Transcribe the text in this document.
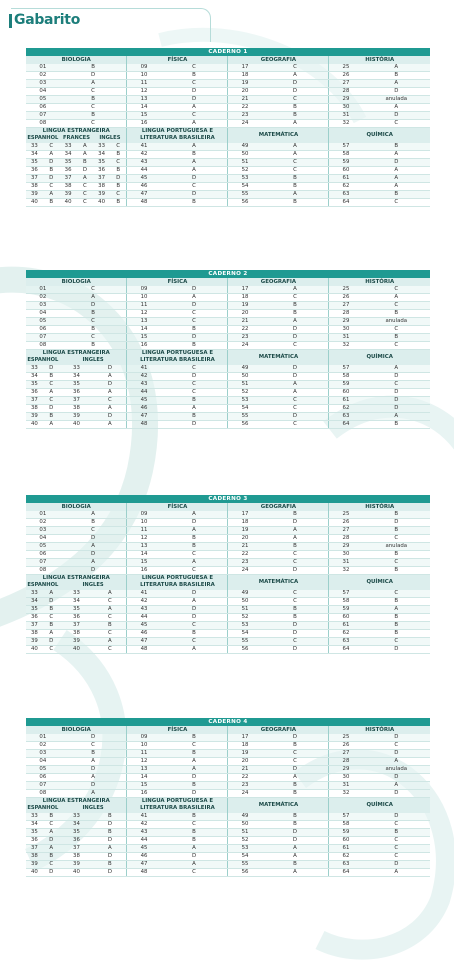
Gabarito
CADERNO 1								
BIOLOGIA			FÍSICA		GEOGRAFIA		HISTÓRIA	
01	B		09	C	17	C	25	A
02	D		10	B	18	A	26	B
03	A		11	C	19	D	27	A
04	C		12	D	20	D	28	D
05	B		13	D	21	C	29	anulada
06	C		14	A	22	B	30	A
07	B		15	C	23	B	31	D
08	C		16	A	24	A	32	C
LÍNGUA ESTRANGEIRA			LÍNGUA PORTUGUESA E
LITERATURA BRASILEIRA		MATEMÁTICA		QUÍMICA	
ESPANHOL	FRANCÊS	INGLÊS						
33 C	33 A	33 C	41	A	49	A	57	B
34 A	34 A	34 B	42	B	50	A	58	A
35 D	35 B	35 C	43	A	51	C	59	D
36 B	36 D	36 B	44	A	52	C	60	A
37 D	37 A	37 D	45	D	53	B	61	A
38 C	38 C	38 B	46	C	54	B	62	A
39 A	39 C	39 C	47	D	55	A	63	B
40 B	40 C	40 B	48	B	56	B	64	C
CADERNO 2								
BIOLOGIA			FÍSICA		GEOGRAFIA		HISTÓRIA	
01	C		09	D	17	A	25	C
02	A		10	A	18	C	26	A
03	D		11	D	19	B	27	C
04	B		12	C	20	B	28	B
05	C		13	C	21	A	29	anulada
06	B		14	B	22	D	30	C
07	C		15	D	23	D	31	B
08	B		16	B	24	C	32	C
LÍNGUA ESTRANGEIRA			LÍNGUA PORTUGUESA E
LITERATURA BRASILEIRA		MATEMÁTICA		QUÍMICA	
ESPANHOL	INGLÊS							
33 D	33	D	41	C	49	D	57	A
34 B	34	A	42	D	50	D	58	D
35 C	35	D	43	C	51	A	59	C
36 A	36	A	44	C	52	A	60	D
37 C	37	C	45	B	53	C	61	D
38 D	38	A	46	A	54	C	62	D
39 B	39	D	47	B	55	D	63	A
40 A	40	A	48	D	56	C	64	B
CADERNO 3								
BIOLOGIA			FÍSICA		GEOGRAFIA		HISTÓRIA	
01	A		09	A	17	B	25	B
02	B		10	D	18	D	26	D
03	C		11	A	19	A	27	B
04	D		12	B	20	A	28	C
05	A		13	B	21	B	29	anulada
06	D		14	C	22	C	30	B
07	A		15	A	23	C	31	C
08	D		16	C	24	D	32	B
LÍNGUA ESTRANGEIRA			LÍNGUA PORTUGUESA E
LITERATURA BRASILEIRA		MATEMÁTICA		QUÍMICA	
ESPANHOL	INGLÊS							
33 A	33	A	41	D	49	C	57	C
34 D	34	C	42	A	50	C	58	B
35 B	35	A	43	D	51	B	59	A
36 C	36	C	44	D	52	B	60	B
37 B	37	B	45	C	53	D	61	B
38 A	38	C	46	B	54	D	62	B
39 D	39	A	47	C	55	C	63	C
40 C	40	C	48	A	56	D	64	D
CADERNO 4								
BIOLOGIA			FÍSICA		GEOGRAFIA		HISTÓRIA	
01	D		09	B	17	D	25	D
02	C		10	C	18	B	26	C
03	B		11	B	19	C	27	D
04	A		12	A	20	C	28	A
05	D		13	A	21	D	29	anulada
06	A		14	D	22	A	30	D
07	D		15	B	23	B	31	A
08	A		16	D	24	B	32	D
LÍNGUA ESTRANGEIRA			LÍNGUA PORTUGUESA E
LITERATURA BRASILEIRA		MATEMÁTICA		QUÍMICA	
ESPANHOL	INGLÊS							
33 B	33	B	41	B	49	B	57	D
34 C	34	D	42	C	50	B	58	C
35 A	35	B	43	B	51	D	59	B
36 D	36	D	44	B	52	D	60	C
37 A	37	A	45	A	53	A	61	C
38 B	38	D	46	D	54	A	62	C
39 C	39	B	47	A	55	B	63	D
40 D	40	D	48	C	56	A	64	A
